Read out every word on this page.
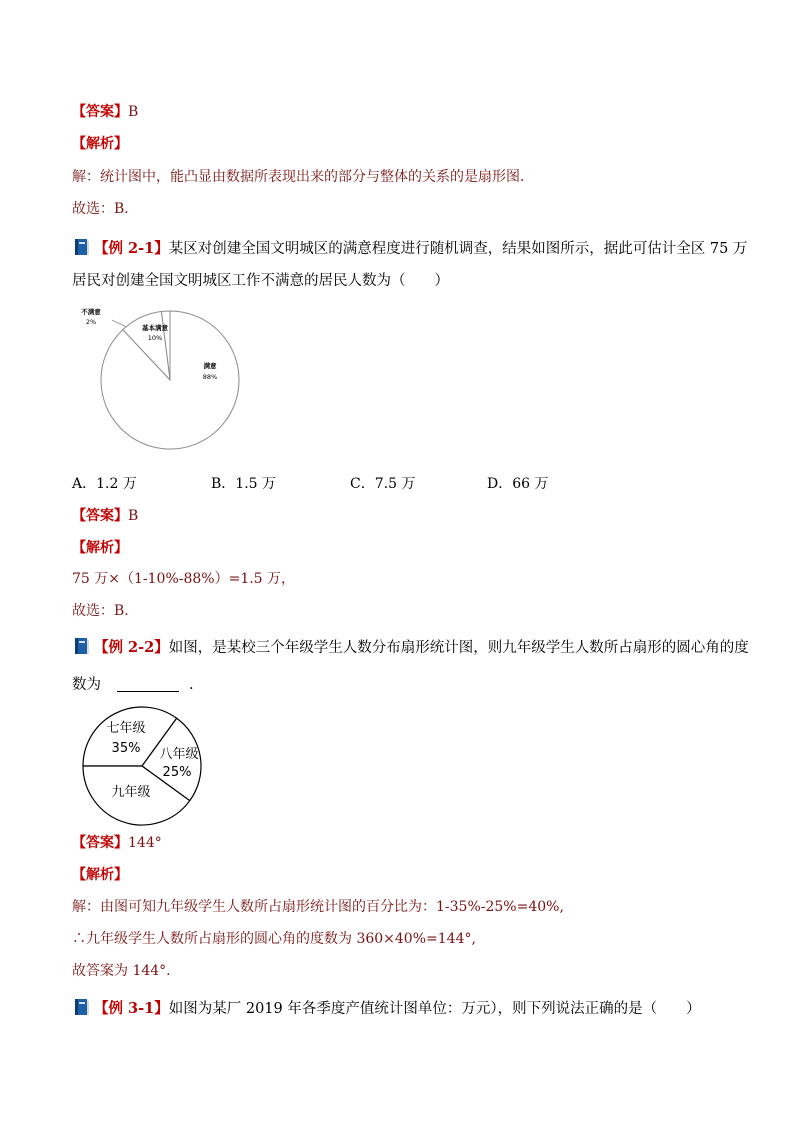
【答案】B
【解析】
解：统计图中，能凸显由数据所表现出来的部分与整体的关系的是扇形图．
故选：B．
【例 2-1】某区对创建全国文明城区的满意程度进行随机调查，结果如图所示，据此可估计全区 75 万
居民对创建全国文明城区工作不满意的居民人数为（　　）
不满意
2%
基本满意
10%
满意
88%
A．1.2 万	B．1.5 万	C．7.5 万	D．66 万
【答案】B
【解析】
75 万×（1-10%-88%）=1.5 万，
故选：B.
【例 2-2】如图，是某校三个年级学生人数分布扇形统计图，则九年级学生人数所占扇形的圆心角的度
数为	.
七年级
35% 八年级
25%
九年级
【答案】144°
【解析】
解：由图可知九年级学生人数所占扇形统计图的百分比为：1-35%-25%=40%,
∴九年级学生人数所占扇形的圆心角的度数为 360×40%=144°,
故答案为 144°.
【例 3-1】如图为某厂 2019 年各季度产值统计图单位：万元），则下列说法正确的是（　　）
